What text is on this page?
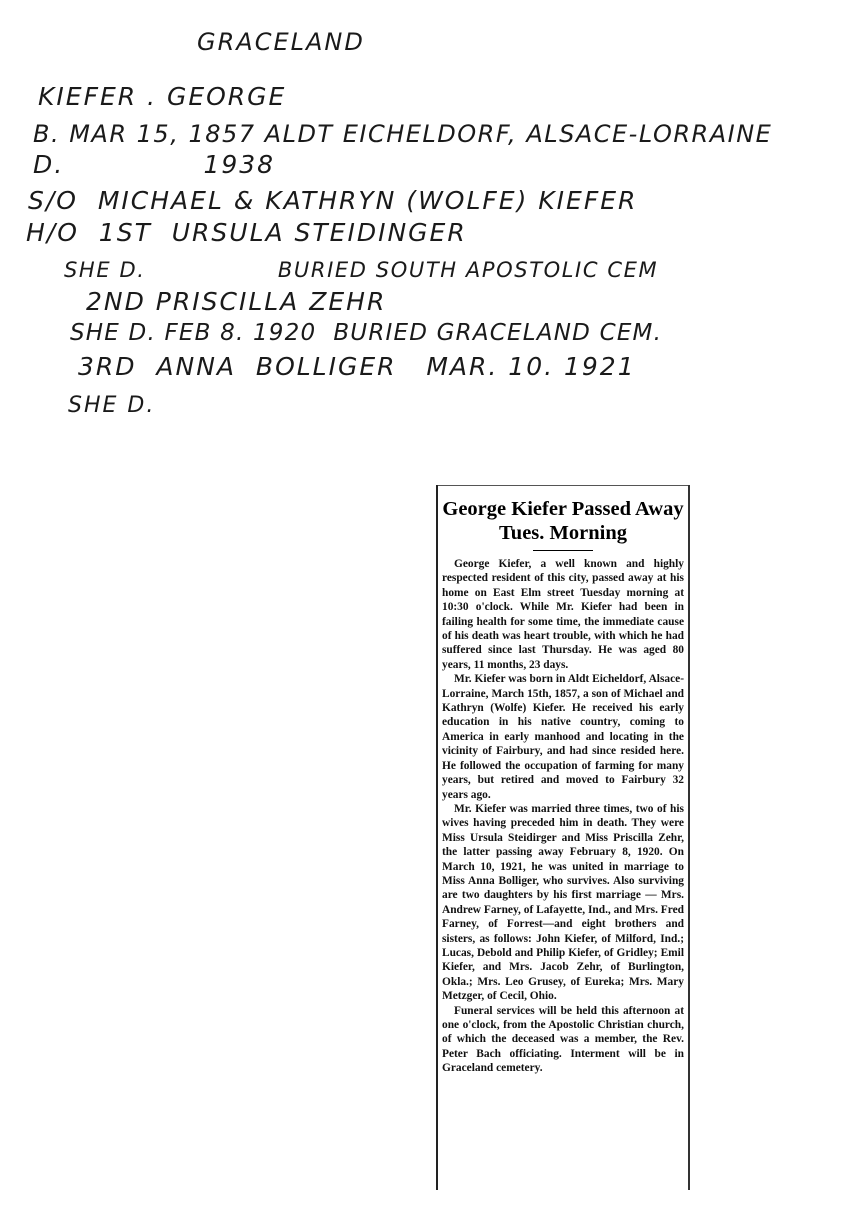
GRACELAND
KIEFER . GEORGE
B. MAR 15, 1857 ALDT EICHELDORF, ALSACE-LORRAINE
D.              1938
S/O  MICHAEL & KATHRYN (WOLFE) KIEFER
H/O  1ST  URSULA STEIDINGER
SHE D.                BURIED SOUTH APOSTOLIC CEM
2ND PRISCILLA ZEHR
SHE D. FEB 8. 1920  BURIED GRACELAND CEM.
3RD  ANNA  BOLLIGER   MAR. 10. 1921
SHE D.
George Kiefer Passed Away Tues. Morning

George Kiefer, a well known and highly respected resident of this city, passed away at his home on East Elm street Tuesday morning at 10:30 o'clock. While Mr. Kiefer had been in failing health for some time, the immediate cause of his death was heart trouble, with which he had suffered since last Thursday. He was aged 80 years, 11 months, 23 days.

Mr. Kiefer was born in Aldt Eicheldorf, Alsace-Lorraine, March 15th, 1857, a son of Michael and Kathryn (Wolfe) Kiefer. He received his early education in his native country, coming to America in early manhood and locating in the vicinity of Fairbury, and had since resided here. He followed the occupation of farming for many years, but retired and moved to Fairbury 32 years ago.

Mr. Kiefer was married three times, two of his wives having preceded him in death. They were Miss Ursula Steidirger and Miss Priscilla Zehr, the latter passing away February 8, 1920. On March 10, 1921, he was united in marriage to Miss Anna Bolliger, who survives. Also surviving are two daughters by his first marriage — Mrs. Andrew Farney, of Lafayette, Ind., and Mrs. Fred Farney, of Forrest—and eight brothers and sisters, as follows: John Kiefer, of Milford, Ind.; Lucas, Debold and Philip Kiefer, of Gridley; Emil Kiefer, and Mrs. Jacob Zehr, of Burlington, Okla.; Mrs. Leo Grusey, of Eureka; Mrs. Mary Metzger, of Cecil, Ohio.

Funeral services will be held this afternoon at one o'clock, from the Apostolic Christian church, of which the deceased was a member, the Rev. Peter Bach officiating. Interment will be in Graceland cemetery.
